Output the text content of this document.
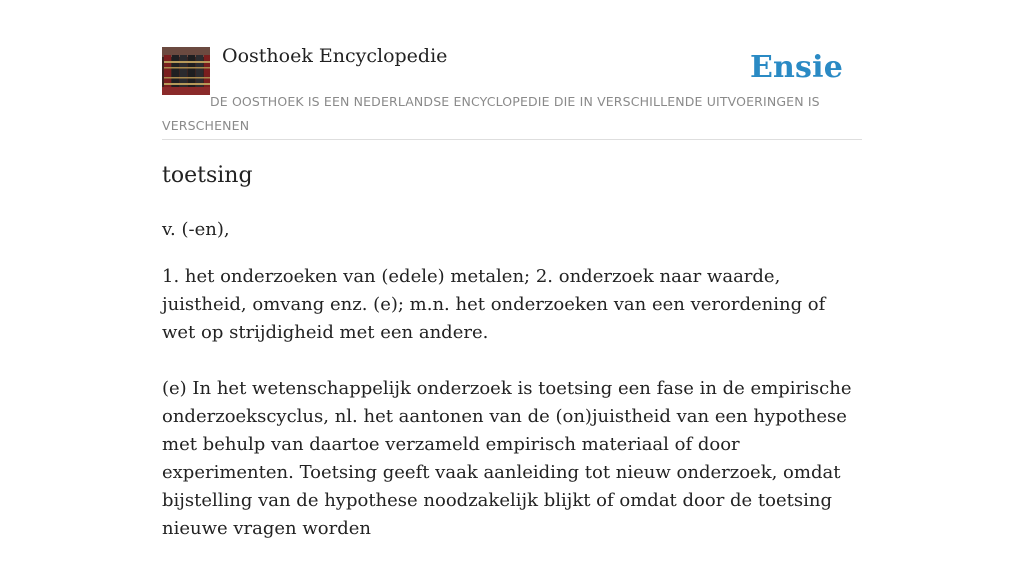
Oosthoek Encyclopedie	Ensie
DE OOSTHOEK IS EEN NEDERLANDSE ENCYCLOPEDIE DIE IN VERSCHILLENDE UITVOERINGEN IS VERSCHENEN
toetsing

v. (-en),

1. het onderzoeken van (edele) metalen; 2. onderzoek naar waarde, juistheid, omvang enz. (e); m.n. het onderzoeken van een verordening of wet op strijdigheid met een andere.

(e) In het wetenschappelijk onderzoek is toetsing een fase in de empirische onderzoekscyclus, nl. het aantonen van de (on)juistheid van een hypothese met behulp van daartoe verzameld empirisch materiaal of door experimenten. Toetsing geeft vaak aanleiding tot nieuw onderzoek, omdat bijstelling van de hypothese noodzakelijk blijkt of omdat door de toetsing nieuwe vragen worden
